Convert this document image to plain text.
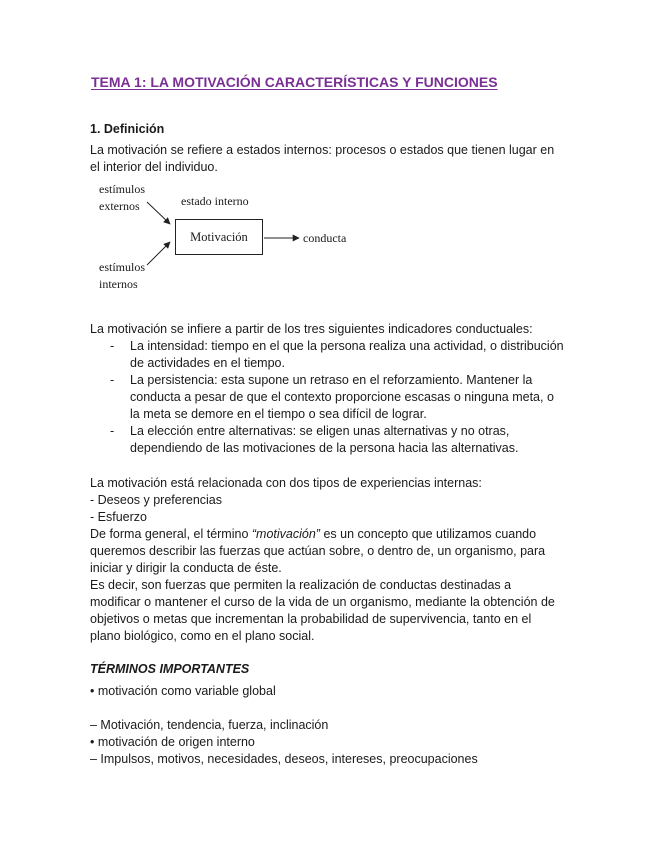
TEMA 1: LA MOTIVACIÓN CARACTERÍSTICAS Y FUNCIONES
1. Definición
La motivación se refiere a estados internos: procesos o estados que tienen lugar en
el interior del individuo.
estímulos
externos	estado interno
Motivación	conducta
estímulos
internos
La motivación se infiere a partir de los tres siguientes indicadores conductuales:
- La intensidad: tiempo en el que la persona realiza una actividad, o distribución
de actividades en el tiempo.
- La persistencia: esta supone un retraso en el reforzamiento. Mantener la
conducta a pesar de que el contexto proporcione escasas o ninguna meta, o
la meta se demore en el tiempo o sea difícil de lograr.
- La elección entre alternativas: se eligen unas alternativas y no otras,
dependiendo de las motivaciones de la persona hacia las alternativas.

La motivación está relacionada con dos tipos de experiencias internas:

- Deseos y preferencias

- Esfuerzo

De forma general, el término “motivación” es un concepto que utilizamos cuando

queremos describir las fuerzas que actúan sobre, o dentro de, un organismo, para

iniciar y dirigir la conducta de éste.

Es decir, son fuerzas que permiten la realización de conductas destinadas a

modificar o mantener el curso de la vida de un organismo, mediante la obtención de

objetivos o metas que incrementan la probabilidad de supervivencia, tanto en el

plano biológico, como en el plano social.

TÉRMINOS IMPORTANTES
• motivación como variable global
– Motivación, tendencia, fuerza, inclinación
• motivación de origen interno
– Impulsos, motivos, necesidades, deseos, intereses, preocupaciones
